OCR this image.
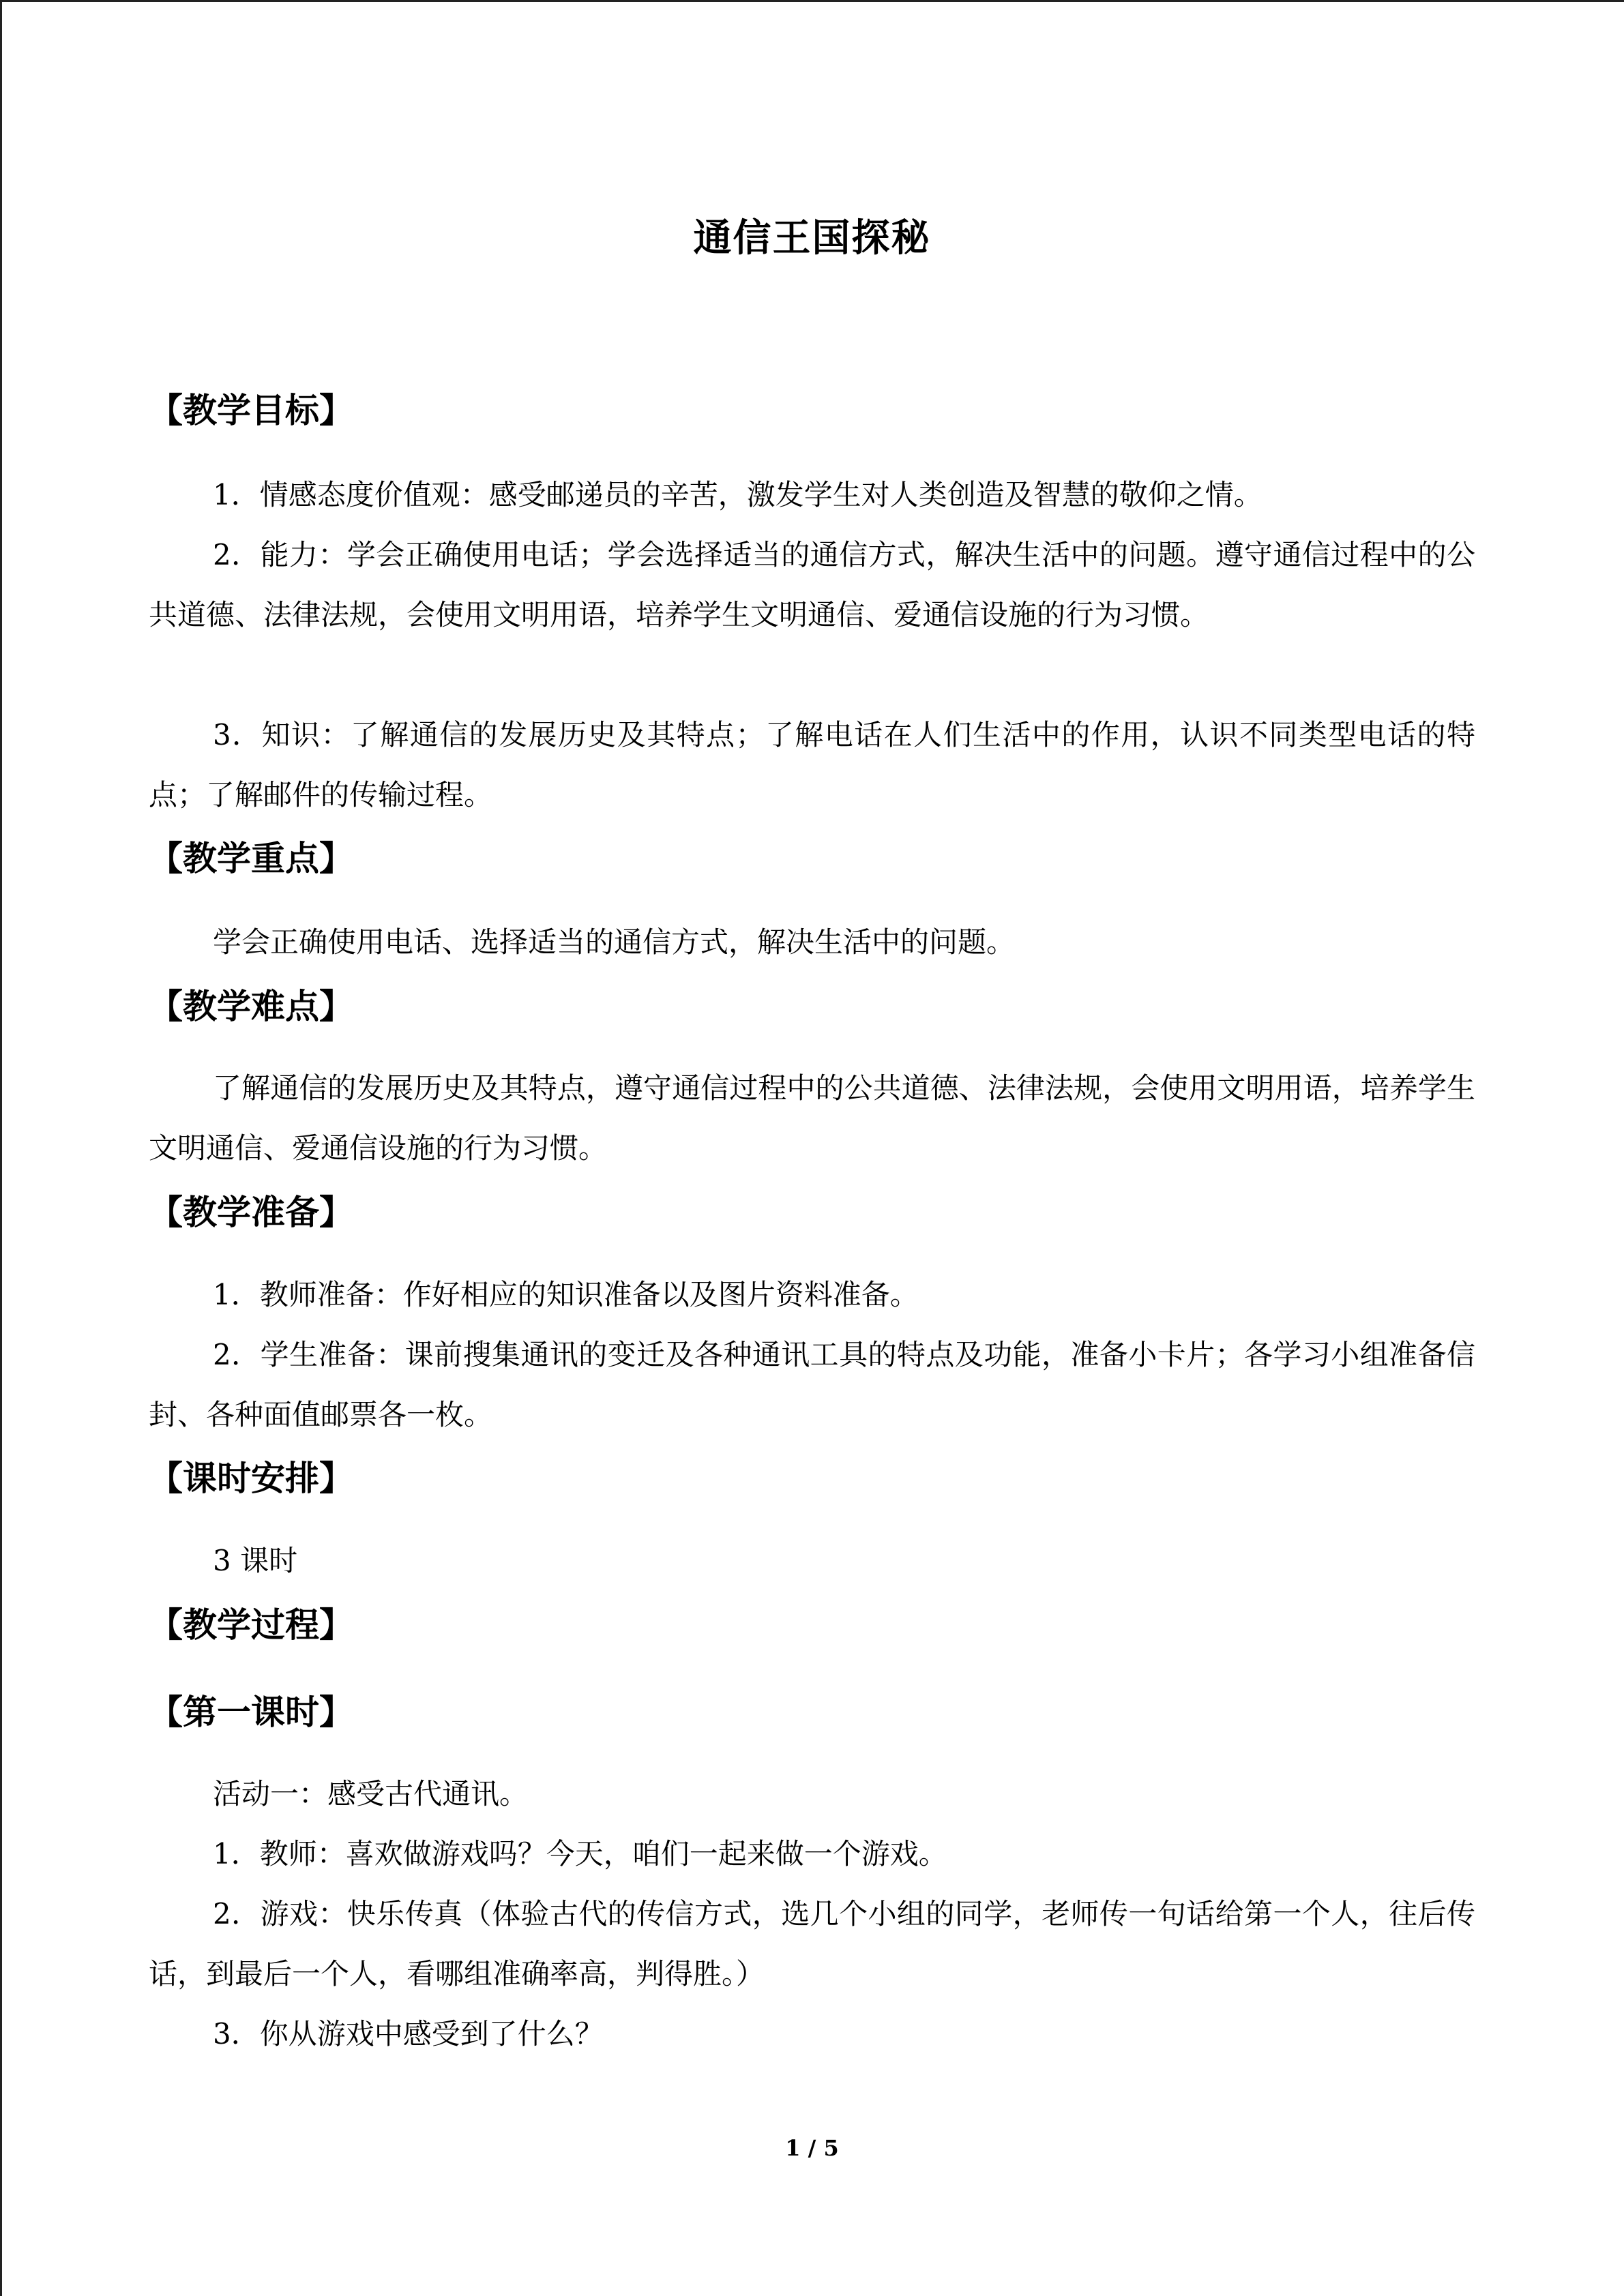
通信王国探秘
【教学目标】

1．情感态度价值观：感受邮递员的辛苦，激发学生对人类创造及智慧的敬仰之情。

2．能力：学会正确使用电话；学会选择适当的通信方式，解决生活中的问题。遵守通信过程中的公共道德、法律法规，会使用文明用语，培养学生文明通信、爱通信设施的行为习惯。

3．知识：了解通信的发展历史及其特点；了解电话在人们生活中的作用，认识不同类型电话的特点；了解邮件的传输过程。

【教学重点】

学会正确使用电话、选择适当的通信方式，解决生活中的问题。

【教学难点】

了解通信的发展历史及其特点，遵守通信过程中的公共道德、法律法规，会使用文明用语，培养学生文明通信、爱通信设施的行为习惯。

【教学准备】

1．教师准备：作好相应的知识准备以及图片资料准备。

2．学生准备：课前搜集通讯的变迁及各种通讯工具的特点及功能，准备小卡片；各学习小组准备信封、各种面值邮票各一枚。

【课时安排】

3 课时

【教学过程】
【第一课时】

活动一：感受古代通讯。

1．教师：喜欢做游戏吗？今天，咱们一起来做一个游戏。

2．游戏：快乐传真（体验古代的传信方式，选几个小组的同学，老师传一句话给第一个人，往后传话，到最后一个人，看哪组准确率高，判得胜。）

3．你从游戏中感受到了什么？

1 / 5
